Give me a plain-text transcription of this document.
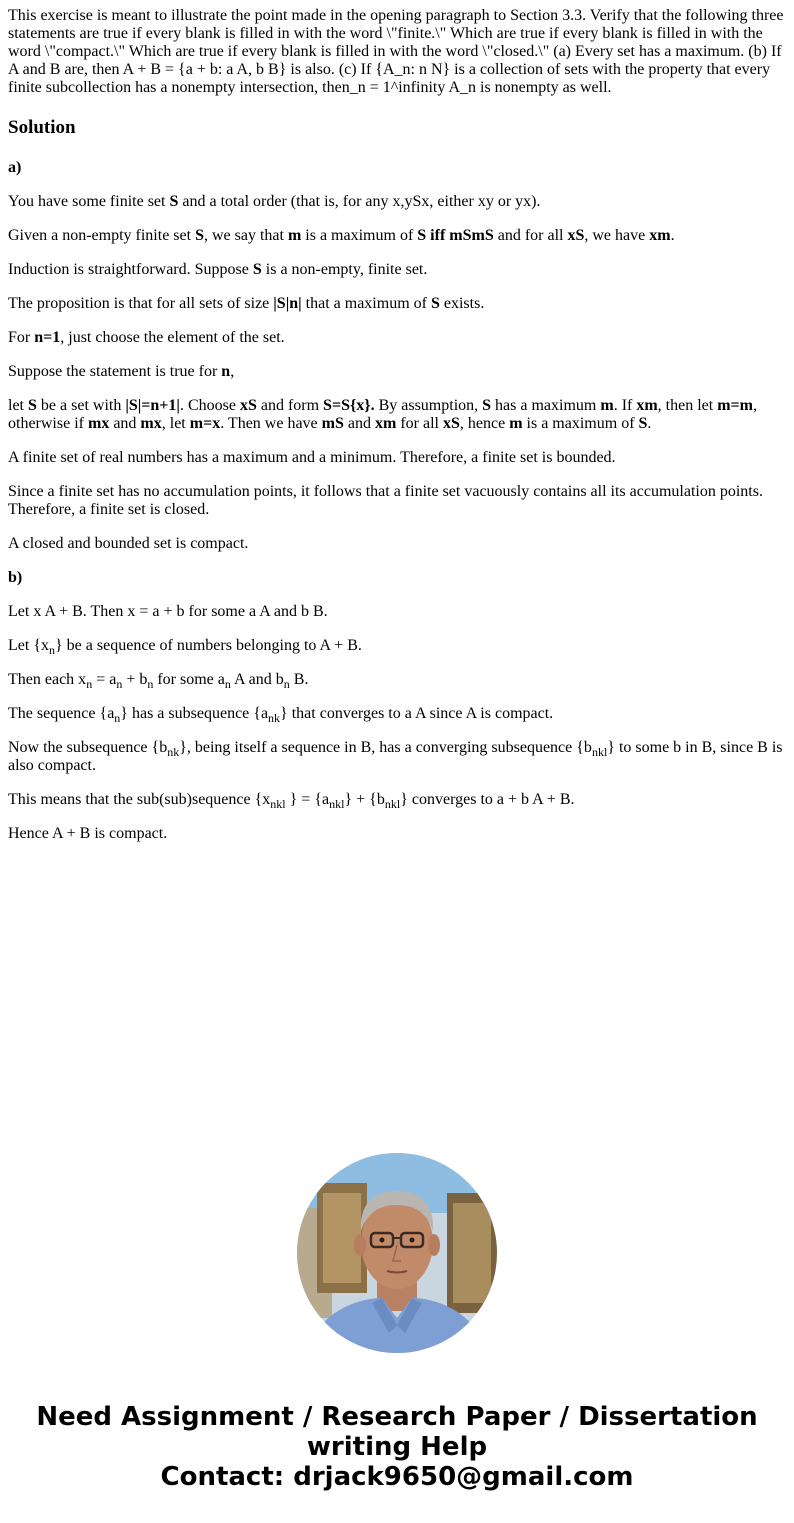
This exercise is meant to illustrate the point made in the opening paragraph to Section 3.3. Verify that the following three statements are true if every blank is filled in with the word \"finite.\" Which are true if every blank is filled in with the word \"compact.\" Which are true if every blank is filled in with the word \"closed.\" (a) Every set has a maximum. (b) If A and B are, then A + B = {a + b: a A, b B} is also. (c) If {A_n: n N} is a collection of sets with the property that every finite subcollection has a nonempty intersection, then_n = 1^infinity A_n is nonempty as well.

Solution

a)

You have some finite set S and a total order (that is, for any x,ySx, either xy or yx).

Given a non-empty finite set S, we say that m is a maximum of S iff mSmS and for all xS, we have xm.

Induction is straightforward. Suppose S is a non-empty, finite set.

The proposition is that for all sets of size |S|n| that a maximum of S exists.

For n=1, just choose the element of the set.

Suppose the statement is true for n,

let S be a set with |S|=n+1|. Choose xS and form S=S{x}. By assumption, S has a maximum m. If xm, then let m=m, otherwise if mx and mx, let m=x. Then we have mS and xm for all xS, hence m is a maximum of S.

A finite set of real numbers has a maximum and a minimum. Therefore, a finite set is bounded.

Since a finite set has no accumulation points, it follows that a finite set vacuously contains all its accumulation points. Therefore, a finite set is closed.

A closed and bounded set is compact.

b)

Let x A + B. Then x = a + b for some a A and b B.

Let $\{x_n\}$ be a sequence of numbers belonging to A + B.

Then each $x_n = a_n + b_n$ for some $a_n$ A and $b_n$ B.

The sequence $\{a_n\}$ has a subsequence $\{a_{nk}\}$ that converges to a A since A is compact.

Now the subsequence $\{b_{nk}\}$, being itself a sequence in B, has a converging subsequence $\{b_{nkl}\}$ to some b in B, since B is also compact.

This means that the sub(sub)sequence {$x_{nkl}$ } = $\{a_{nkl}\} + \{b_{nkl}\}$ converges to a + b A + B.

Hence A + B is compact.

Need Assignment / Research Paper / Dissertation
writing Help
Contact: drjack9650@gmail.com
